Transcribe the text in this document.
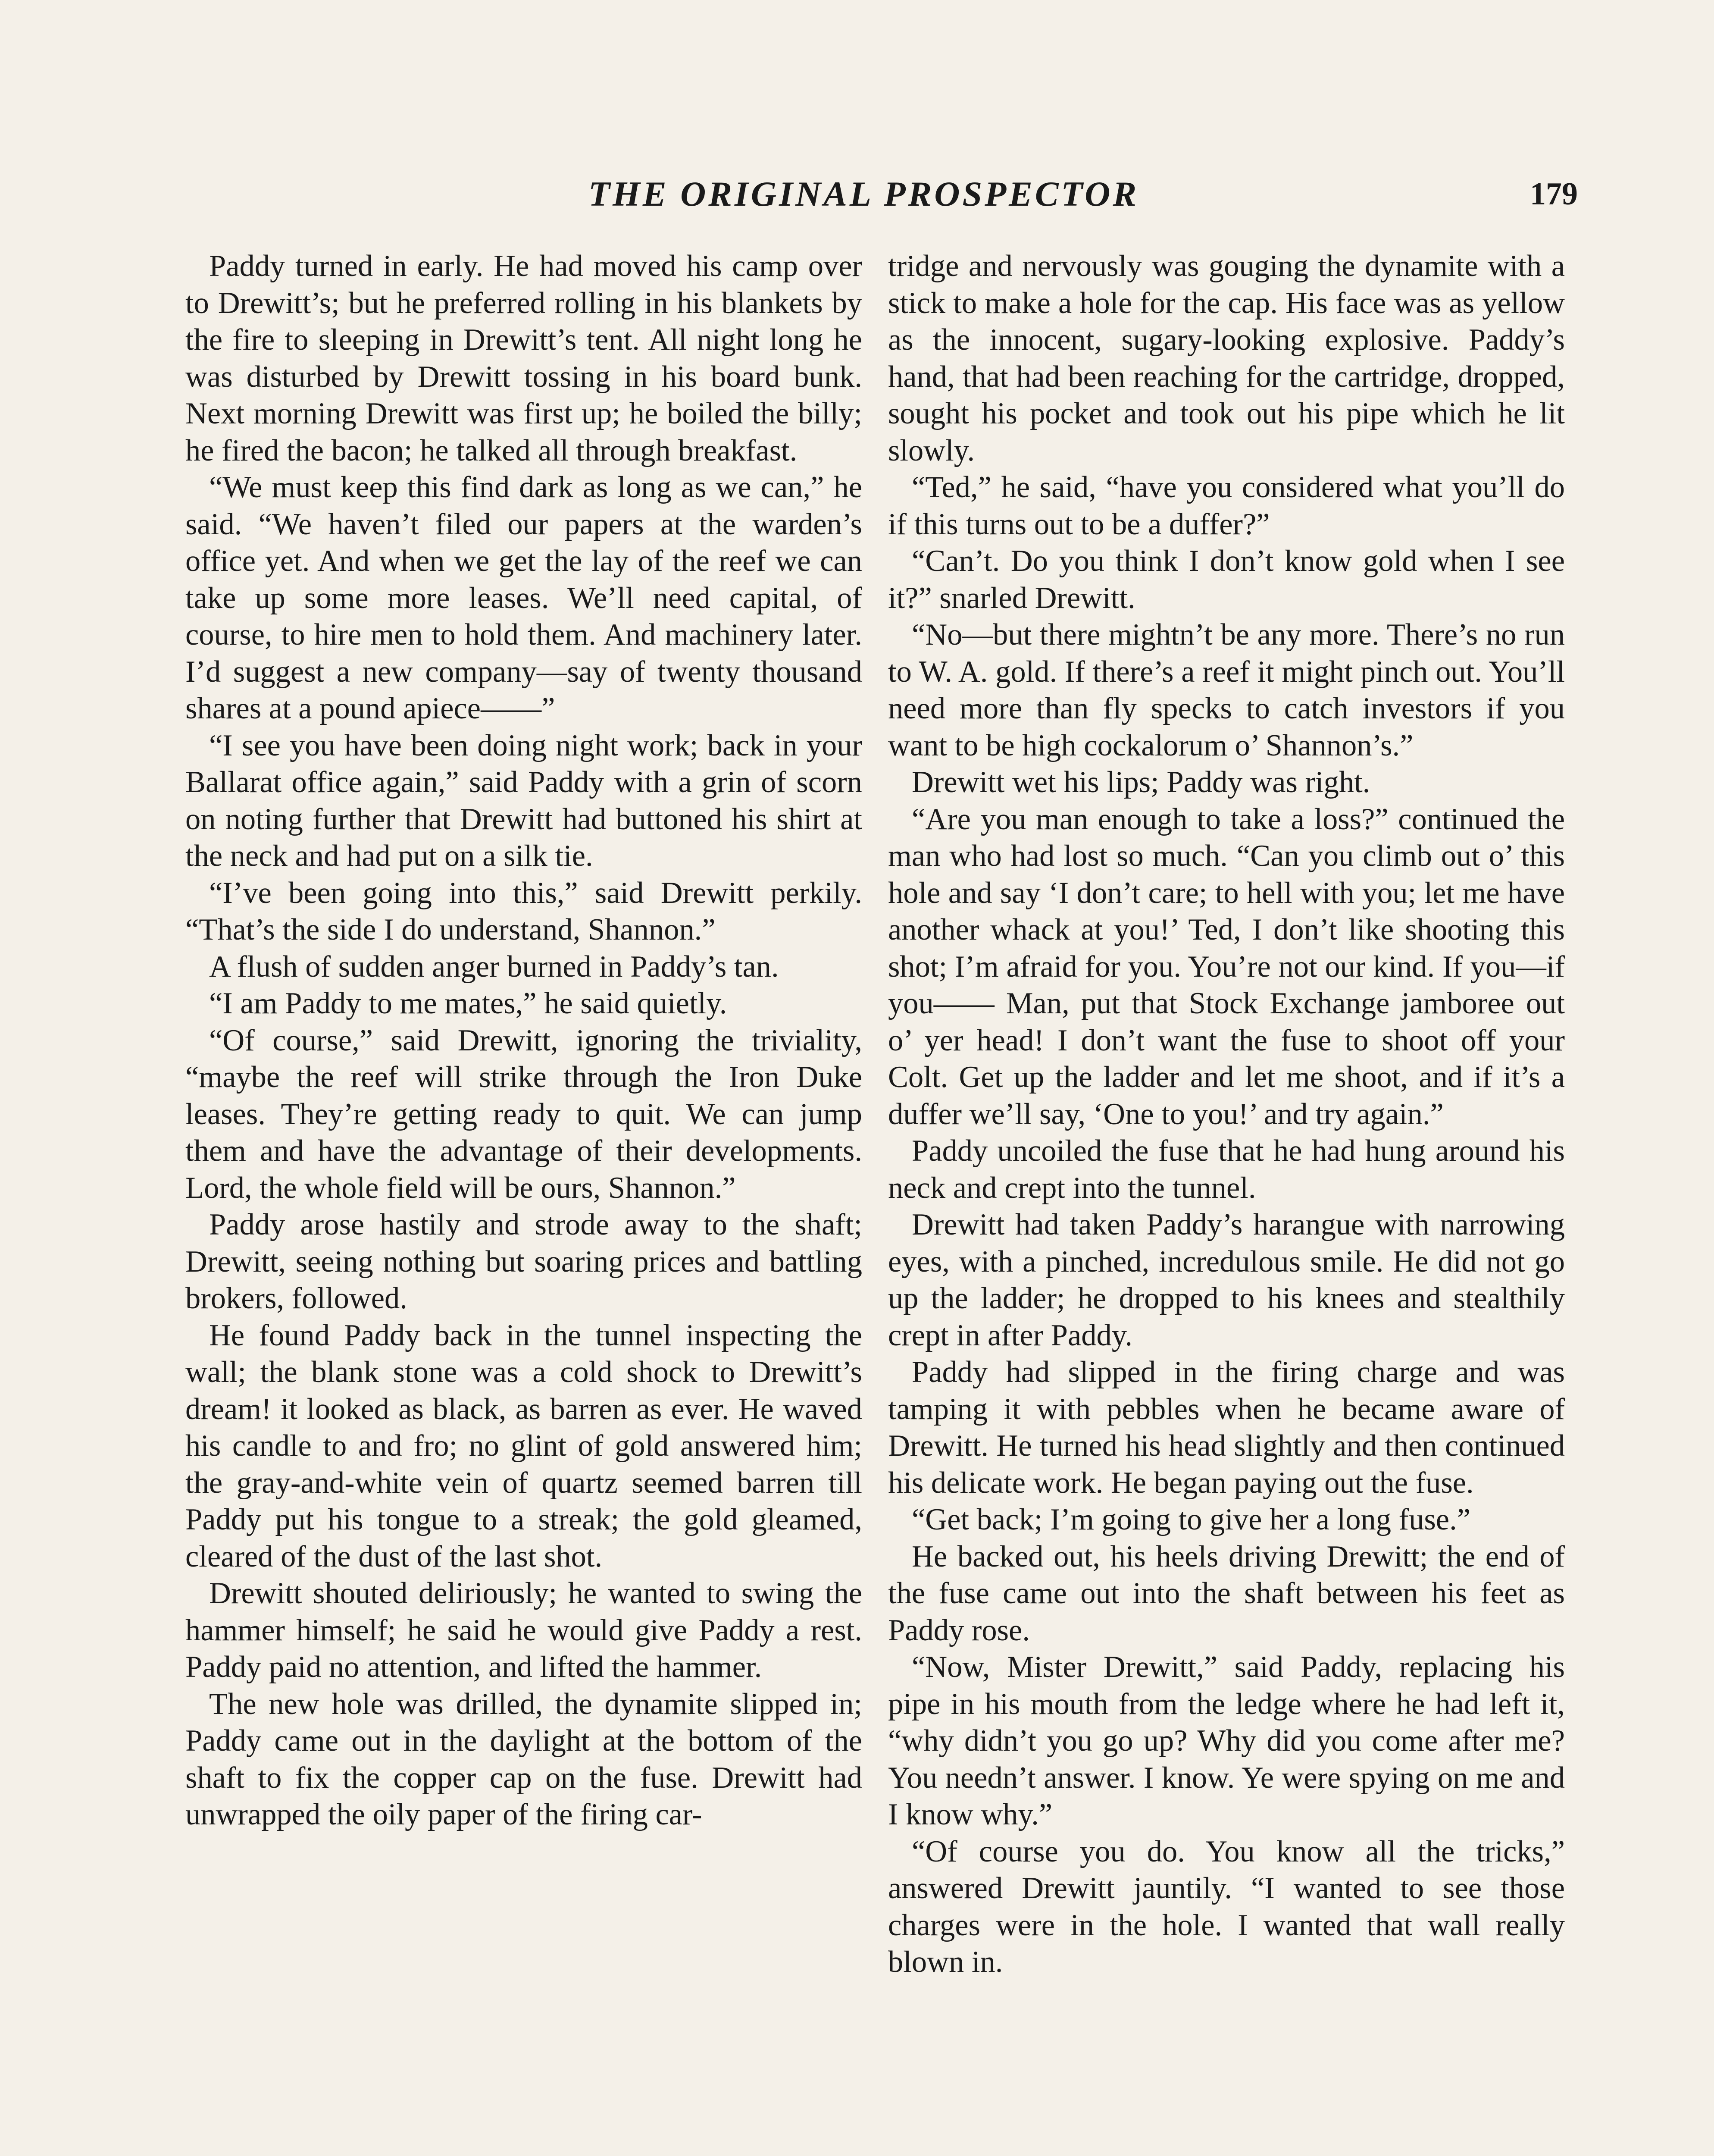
THE ORIGINAL PROSPECTOR	179

Paddy turned in early. He had moved his camp over to Drewitt’s; but he preferred rolling in his blankets by the fire to sleeping in Drewitt’s tent. All night long he was disturbed by Drewitt tossing in his board bunk. Next morning Drewitt was first up; he boiled the billy; he fired the bacon; he talked all through breakfast.

“We must keep this find dark as long as we can,” he said. “We haven’t filed our papers at the warden’s office yet. And when we get the lay of the reef we can take up some more leases. We’ll need capital, of course, to hire men to hold them. And machinery later. I’d suggest a new company—say of twenty thousand shares at a pound apiece——”

“I see you have been doing night work; back in your Ballarat office again,” said Paddy with a grin of scorn on noting further that Drewitt had buttoned his shirt at the neck and had put on a silk tie.

“I’ve been going into this,” said Drewitt perkily. “That’s the side I do understand, Shannon.”

A flush of sudden anger burned in Paddy’s tan.

“I am Paddy to me mates,” he said quietly.

“Of course,” said Drewitt, ignoring the triviality, “maybe the reef will strike through the Iron Duke leases. They’re getting ready to quit. We can jump them and have the advantage of their developments. Lord, the whole field will be ours, Shannon.”

Paddy arose hastily and strode away to the shaft; Drewitt, seeing nothing but soaring prices and battling brokers, followed.

He found Paddy back in the tunnel inspecting the wall; the blank stone was a cold shock to Drewitt’s dream! it looked as black, as barren as ever. He waved his candle to and fro; no glint of gold answered him; the gray-and-white vein of quartz seemed barren till Paddy put his tongue to a streak; the gold gleamed, cleared of the dust of the last shot.

Drewitt shouted deliriously; he wanted to swing the hammer himself; he said he would give Paddy a rest. Paddy paid no attention, and lifted the hammer.

The new hole was drilled, the dynamite slipped in; Paddy came out in the daylight at the bottom of the shaft to fix the copper cap on the fuse. Drewitt had unwrapped the oily paper of the firing car-

tridge and nervously was gouging the dynamite with a stick to make a hole for the cap. His face was as yellow as the innocent, sugary-looking explosive. Paddy’s hand, that had been reaching for the cartridge, dropped, sought his pocket and took out his pipe which he lit slowly.

“Ted,” he said, “have you considered what you’ll do if this turns out to be a duffer?”

“Can’t. Do you think I don’t know gold when I see it?” snarled Drewitt.

“No—but there mightn’t be any more. There’s no run to W. A. gold. If there’s a reef it might pinch out. You’ll need more than fly specks to catch investors if you want to be high cockalorum o’ Shannon’s.”

Drewitt wet his lips; Paddy was right.

“Are you man enough to take a loss?” continued the man who had lost so much. “Can you climb out o’ this hole and say ‘I don’t care; to hell with you; let me have another whack at you!’ Ted, I don’t like shooting this shot; I’m afraid for you. You’re not our kind. If you—if you—— Man, put that Stock Exchange jamboree out o’ yer head! I don’t want the fuse to shoot off your Colt. Get up the ladder and let me shoot, and if it’s a duffer we’ll say, ‘One to you!’ and try again.”

Paddy uncoiled the fuse that he had hung around his neck and crept into the tunnel.

Drewitt had taken Paddy’s harangue with narrowing eyes, with a pinched, incredulous smile. He did not go up the ladder; he dropped to his knees and stealthily crept in after Paddy.

Paddy had slipped in the firing charge and was tamping it with pebbles when he became aware of Drewitt. He turned his head slightly and then continued his delicate work. He began paying out the fuse.

“Get back; I’m going to give her a long fuse.”

He backed out, his heels driving Drewitt; the end of the fuse came out into the shaft between his feet as Paddy rose.

“Now, Mister Drewitt,” said Paddy, replacing his pipe in his mouth from the ledge where he had left it, “why didn’t you go up? Why did you come after me? You needn’t answer. I know. Ye were spying on me and I know why.”

“Of course you do. You know all the tricks,” answered Drewitt jauntily. “I wanted to see those charges were in the hole. I wanted that wall really blown in.
